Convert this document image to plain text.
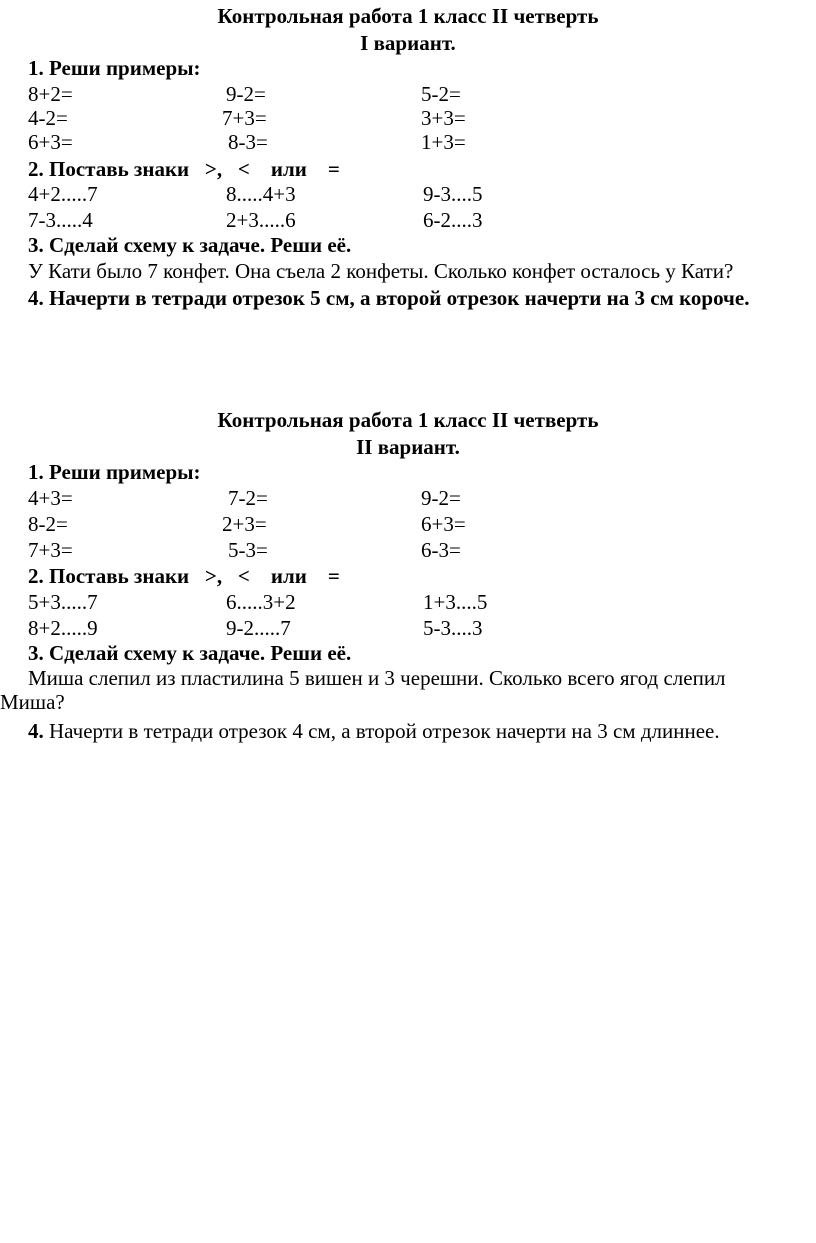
Контрольная работа 1 класс II четверть
I вариант.
1. Реши примеры:
8+2=	9-2=	5-2=
4-2=	7+3=	3+3=
6+3=	8-3=	1+3=
2. Поставь знаки   >,   <    или    =
4+2.....7	8.....4+3	9-3....5
7-3.....4	2+3.....6	6-2....3
3. Сделай схему к задаче. Реши её.
У Кати было 7 конфет. Она съела 2 конфеты. Сколько конфет осталось у Кати?
4. Начерти в тетради отрезок 5 см, а второй отрезок начерти на 3 см короче.
Контрольная работа 1 класс II четверть
II вариант.
1. Реши примеры:
4+3=	7-2=	9-2=
8-2=	2+3=	6+3=
7+3=	5-3=	6-3=
2. Поставь знаки   >,   <    или    =
5+3.....7	6.....3+2	1+3....5
8+2.....9	9-2.....7	5-3....3
3. Сделай схему к задаче. Реши её.
Миша слепил из пластилина 5 вишен и 3 черешни. Сколько всего ягод слепил
Миша?
4. Начерти в тетради отрезок 4 см, а второй отрезок начерти на 3 см длиннее.
